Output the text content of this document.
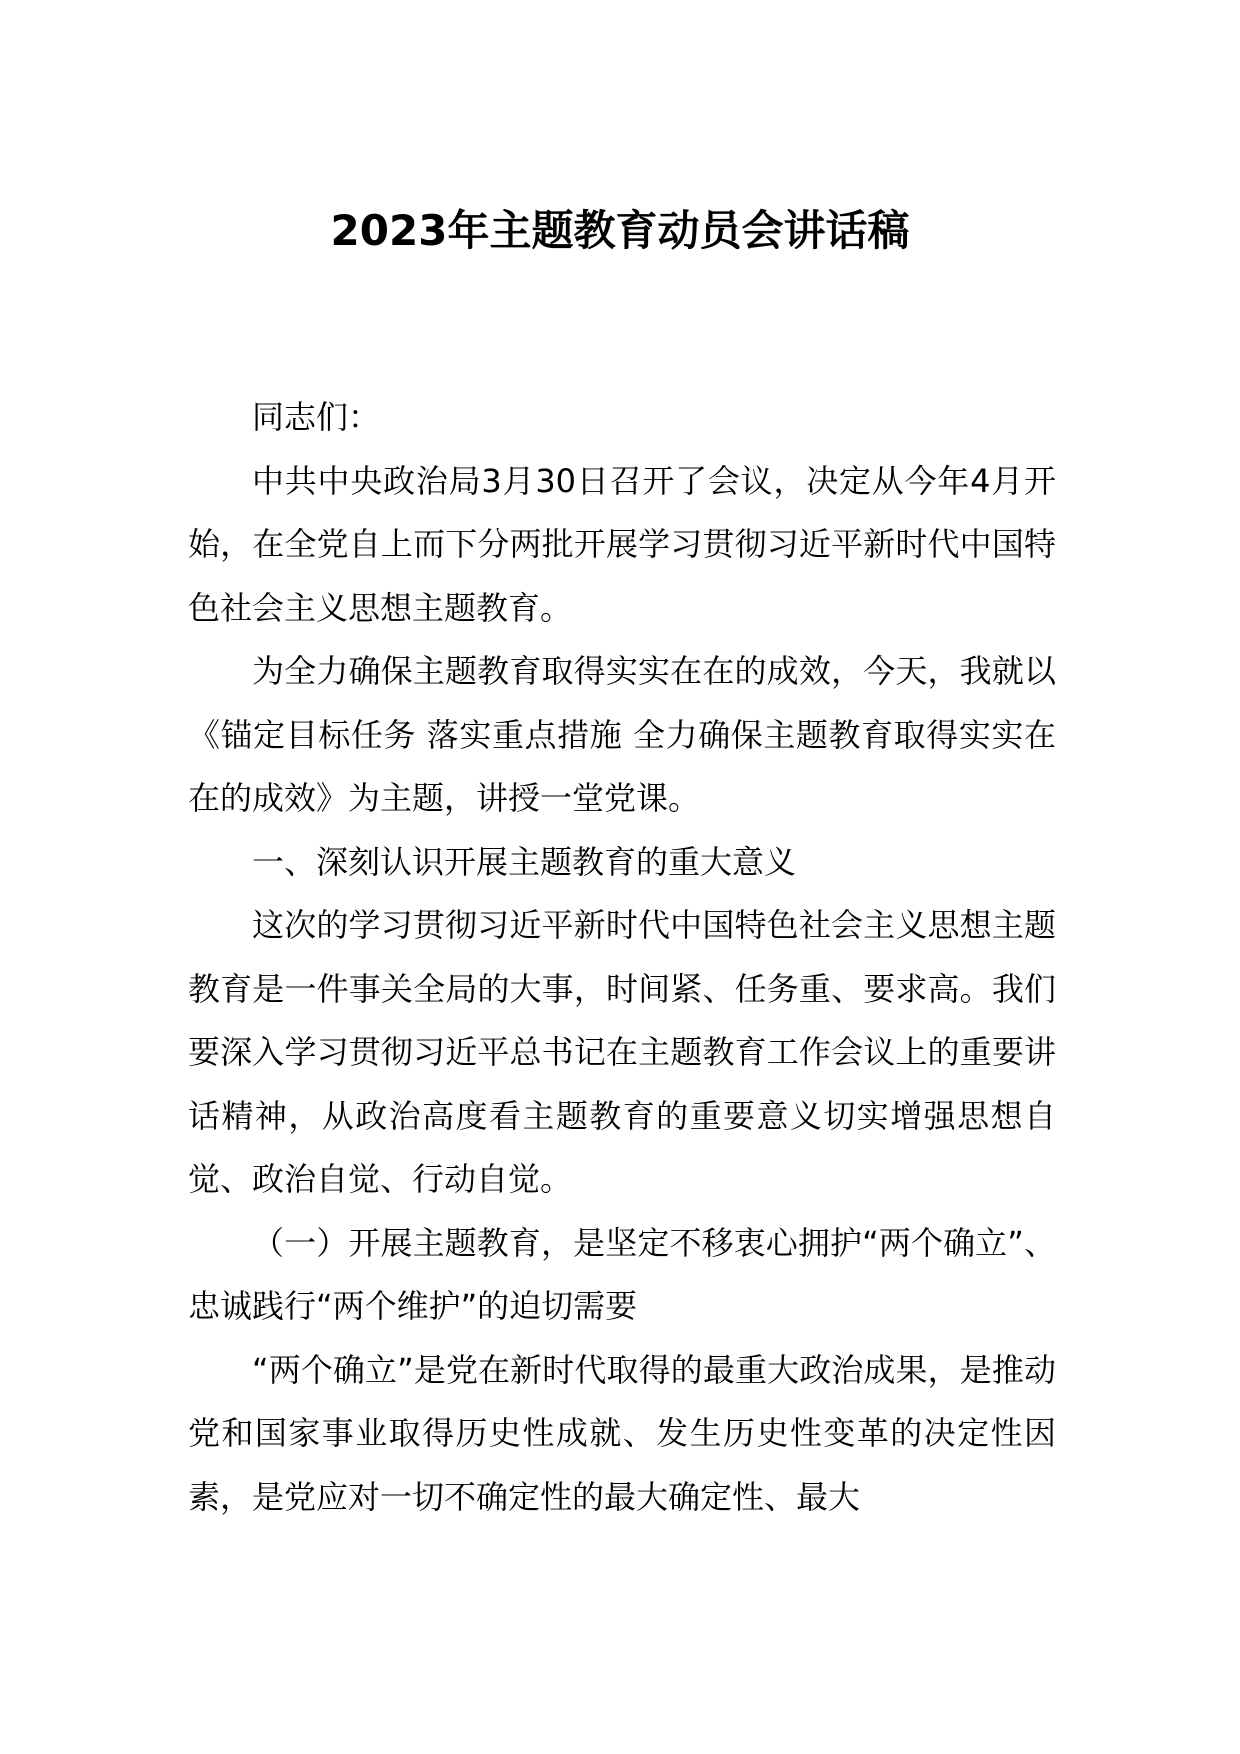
2023年主题教育动员会讲话稿

同志们：

中共中央政治局3月30日召开了会议，决定从今年4月开始，在全党自上而下分两批开展学习贯彻习近平新时代中国特色社会主义思想主题教育。

为全力确保主题教育取得实实在在的成效，今天，我就以《锚定目标任务 落实重点措施 全力确保主题教育取得实实在在的成效》为主题，讲授一堂党课。

一、深刻认识开展主题教育的重大意义

这次的学习贯彻习近平新时代中国特色社会主义思想主题教育是一件事关全局的大事，时间紧、任务重、要求高。我们要深入学习贯彻习近平总书记在主题教育工作会议上的重要讲话精神，从政治高度看主题教育的重要意义切实增强思想自觉、政治自觉、行动自觉。

（一）开展主题教育，是坚定不移衷心拥护“两个确立”、忠诚践行“两个维护”的迫切需要

“两个确立”是党在新时代取得的最重大政治成果，是推动党和国家事业取得历史性成就、发生历史性变革的决定性因素，是党应对一切不确定性的最大确定性、最大
